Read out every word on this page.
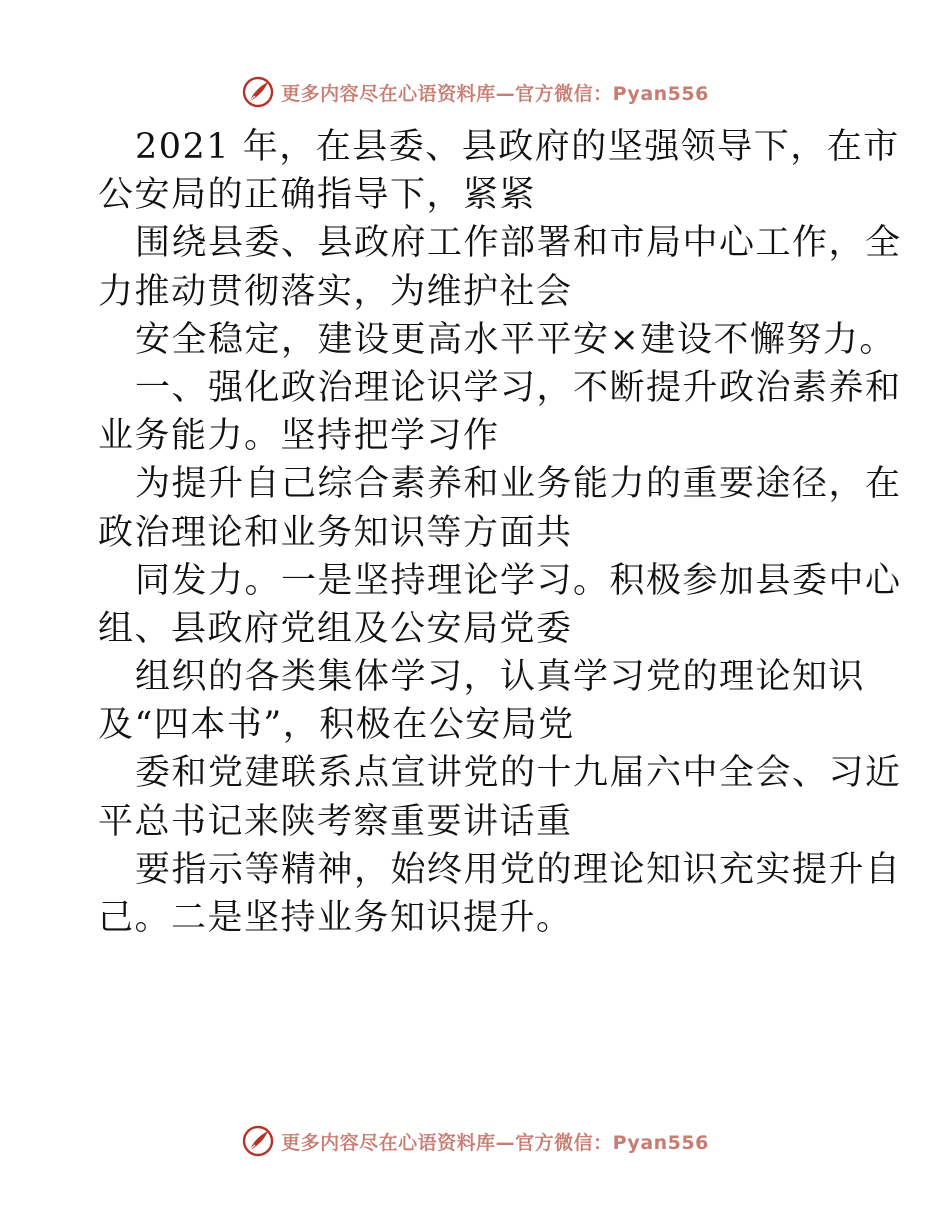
更多内容尽在心语资料库—官方微信：Pyan556
2021 年，在县委、县政府的坚强领导下，在市
公安局的正确指导下，紧紧
围绕县委、县政府工作部署和市局中心工作，全
力推动贯彻落实，为维护社会
安全稳定，建设更高水平平安×建设不懈努力。
一、强化政治理论识学习，不断提升政治素养和
业务能力。坚持把学习作
为提升自己综合素养和业务能力的重要途径，在
政治理论和业务知识等方面共
同发力。一是坚持理论学习。积极参加县委中心
组、县政府党组及公安局党委
组织的各类集体学习，认真学习党的理论知识
及“四本书”，积极在公安局党
委和党建联系点宣讲党的十九届六中全会、习近
平总书记来陕考察重要讲话重
要指示等精神，始终用党的理论知识充实提升自
己。二是坚持业务知识提升。
更多内容尽在心语资料库—官方微信：Pyan556
